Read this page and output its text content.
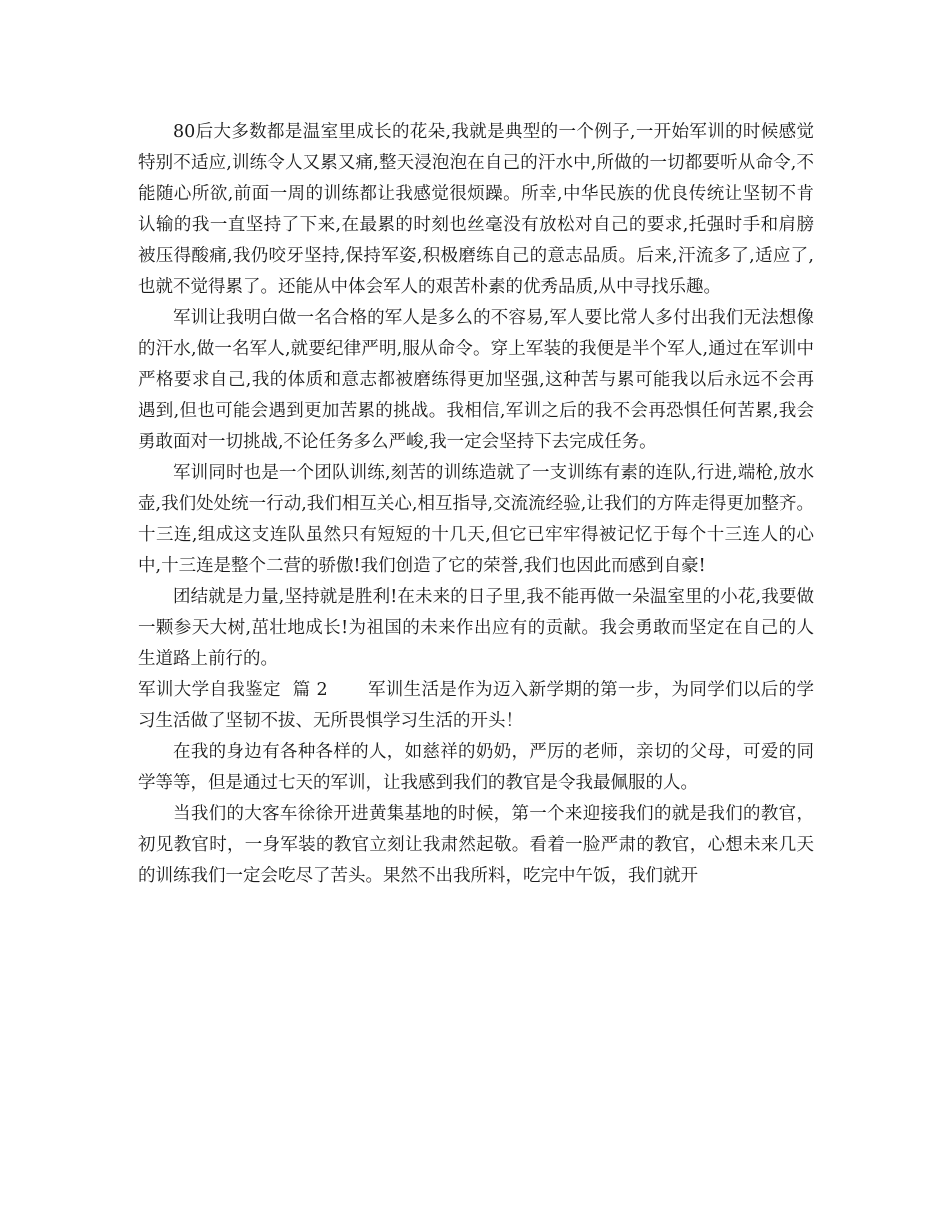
80后大多数都是温室里成长的花朵,我就是典型的一个例子,一开始军训的时候感觉特别不适应,训练令人又累又痛,整天浸泡泡在自己的汗水中,所做的一切都要听从命令,不能随心所欲,前面一周的训练都让我感觉很烦躁。所幸,中华民族的优良传统让坚韧不肯认输的我一直坚持了下来,在最累的时刻也丝毫没有放松对自己的要求,托强时手和肩膀被压得酸痛,我仍咬牙坚持,保持军姿,积极磨练自己的意志品质。后来,汗流多了,适应了,也就不觉得累了。还能从中体会军人的艰苦朴素的优秀品质,从中寻找乐趣。

军训让我明白做一名合格的军人是多么的不容易,军人要比常人多付出我们无法想像的汗水,做一名军人,就要纪律严明,服从命令。穿上军装的我便是半个军人,通过在军训中严格要求自己,我的体质和意志都被磨练得更加坚强,这种苦与累可能我以后永远不会再遇到,但也可能会遇到更加苦累的挑战。我相信,军训之后的我不会再恐惧任何苦累,我会勇敢面对一切挑战,不论任务多么严峻,我一定会坚持下去完成任务。

军训同时也是一个团队训练,刻苦的训练造就了一支训练有素的连队,行进,端枪,放水壶,我们处处统一行动,我们相互关心,相互指导,交流流经验,让我们的方阵走得更加整齐。十三连,组成这支连队虽然只有短短的十几天,但它已牢牢得被记忆于每个十三连人的心中,十三连是整个二营的骄傲!我们创造了它的荣誉,我们也因此而感到自豪!

团结就是力量,坚持就是胜利!在未来的日子里,我不能再做一朵温室里的小花,我要做一颗参天大树,茁壮地成长!为祖国的未来作出应有的贡献。我会勇敢而坚定在自己的人生道路上前行的。

军训大学自我鉴定  篇 2 军训生活是作为迈入新学期的第一步，为同学们以后的学习生活做了坚韧不拔、无所畏惧学习生活的开头！

在我的身边有各种各样的人，如慈祥的奶奶，严厉的老师，亲切的父母，可爱的同学等等，但是通过七天的军训，让我感到我们的教官是令我最佩服的人。

当我们的大客车徐徐开进黄集基地的时候，第一个来迎接我们的就是我们的教官，初见教官时，一身军装的教官立刻让我肃然起敬。看着一脸严肃的教官，心想未来几天的训练我们一定会吃尽了苦头。果然不出我所料，吃完中午饭，我们就开
